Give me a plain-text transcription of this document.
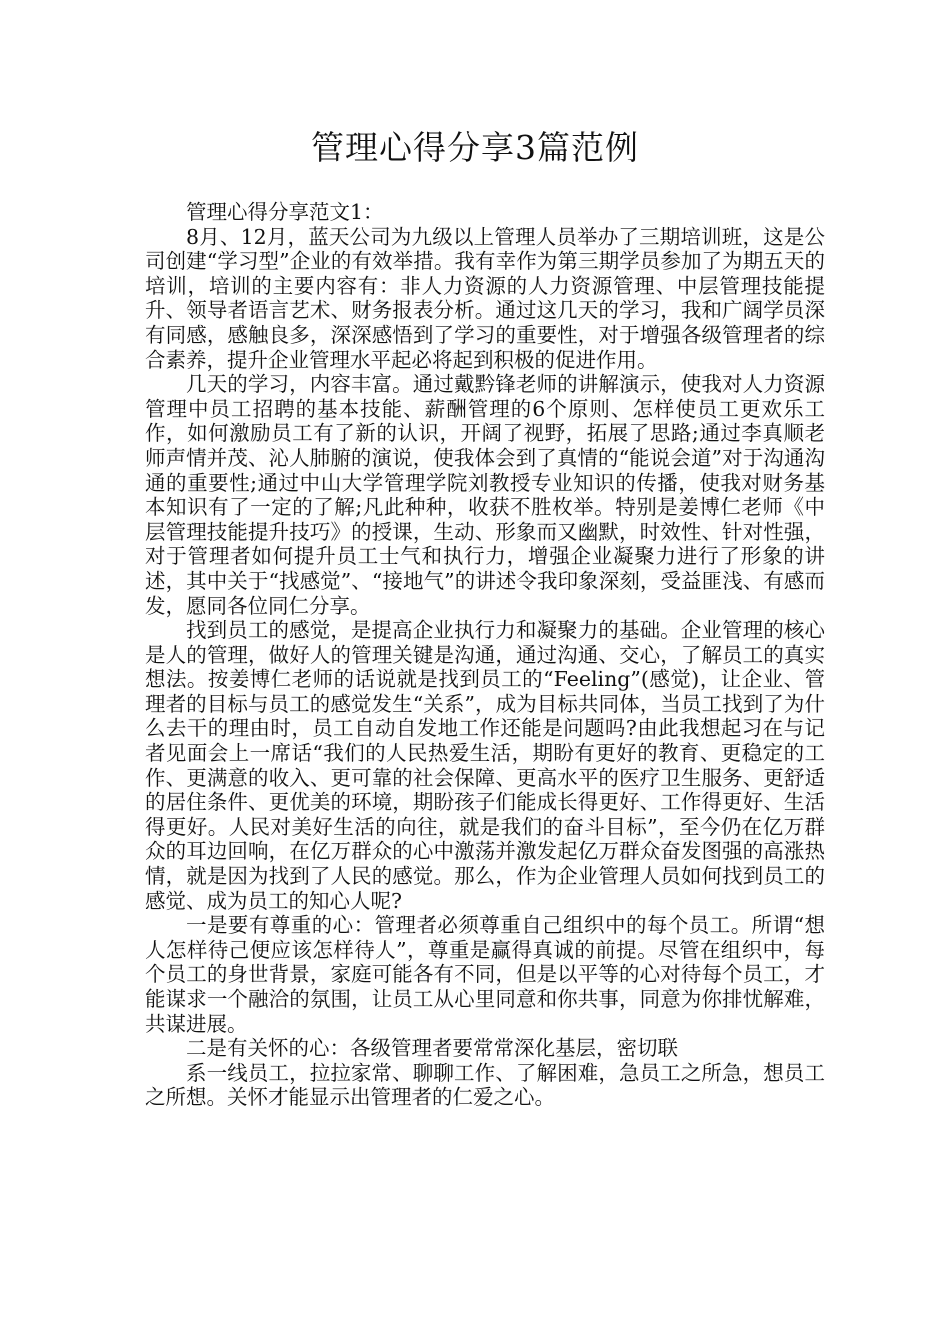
管理心得分享3篇范例

管理心得分享范文1：

8月、12月，蓝天公司为九级以上管理人员举办了三期培训班，这是公司创建“学习型”企业的有效举措。我有幸作为第三期学员参加了为期五天的培训，培训的主要内容有：非人力资源的人力资源管理、中层管理技能提升、领导者语言艺术、财务报表分析。通过这几天的学习，我和广阔学员深有同感，感触良多，深深感悟到了学习的重要性，对于增强各级管理者的综合素养，提升企业管理水平起必将起到积极的促进作用。

几天的学习，内容丰富。通过戴黔锋老师的讲解演示，使我对人力资源管理中员工招聘的基本技能、薪酬管理的6个原则、怎样使员工更欢乐工作，如何激励员工有了新的认识，开阔了视野，拓展了思路;通过李真顺老师声情并茂、沁人肺腑的演说，使我体会到了真情的“能说会道”对于沟通沟通的重要性;通过中山大学管理学院刘教授专业知识的传播，使我对财务基本知识有了一定的了解;凡此种种，收获不胜枚举。特别是姜博仁老师《中层管理技能提升技巧》的授课，生动、形象而又幽默，时效性、针对性强，对于管理者如何提升员工士气和执行力，增强企业凝聚力进行了形象的讲述，其中关于“找感觉”、“接地气”的讲述令我印象深刻，受益匪浅、有感而发，愿同各位同仁分享。

找到员工的感觉，是提高企业执行力和凝聚力的基础。企业管理的核心是人的管理，做好人的管理关键是沟通，通过沟通、交心，了解员工的真实想法。按姜博仁老师的话说就是找到员工的“Feeling”(感觉)，让企业、管理者的目标与员工的感觉发生“关系”，成为目标共同体，当员工找到了为什么去干的理由时，员工自动自发地工作还能是问题吗?由此我想起习在与记者见面会上一席话“我们的人民热爱生活，期盼有更好的教育、更稳定的工作、更满意的收入、更可靠的社会保障、更高水平的医疗卫生服务、更舒适的居住条件、更优美的环境，期盼孩子们能成长得更好、工作得更好、生活得更好。人民对美好生活的向往，就是我们的奋斗目标”，至今仍在亿万群众的耳边回响，在亿万群众的心中激荡并激发起亿万群众奋发图强的高涨热情，就是因为找到了人民的感觉。那么，作为企业管理人员如何找到员工的感觉、成为员工的知心人呢?

一是要有尊重的心：管理者必须尊重自己组织中的每个员工。所谓“想人怎样待己便应该怎样待人”，尊重是赢得真诚的前提。尽管在组织中，每个员工的身世背景，家庭可能各有不同，但是以平等的心对待每个员工，才能谋求一个融洽的氛围，让员工从心里同意和你共事，同意为你排忧解难，共谋进展。

二是有关怀的心：各级管理者要常常深化基层，密切联

系一线员工，拉拉家常、聊聊工作、了解困难，急员工之所急，想员工之所想。关怀才能显示出管理者的仁爱之心。
